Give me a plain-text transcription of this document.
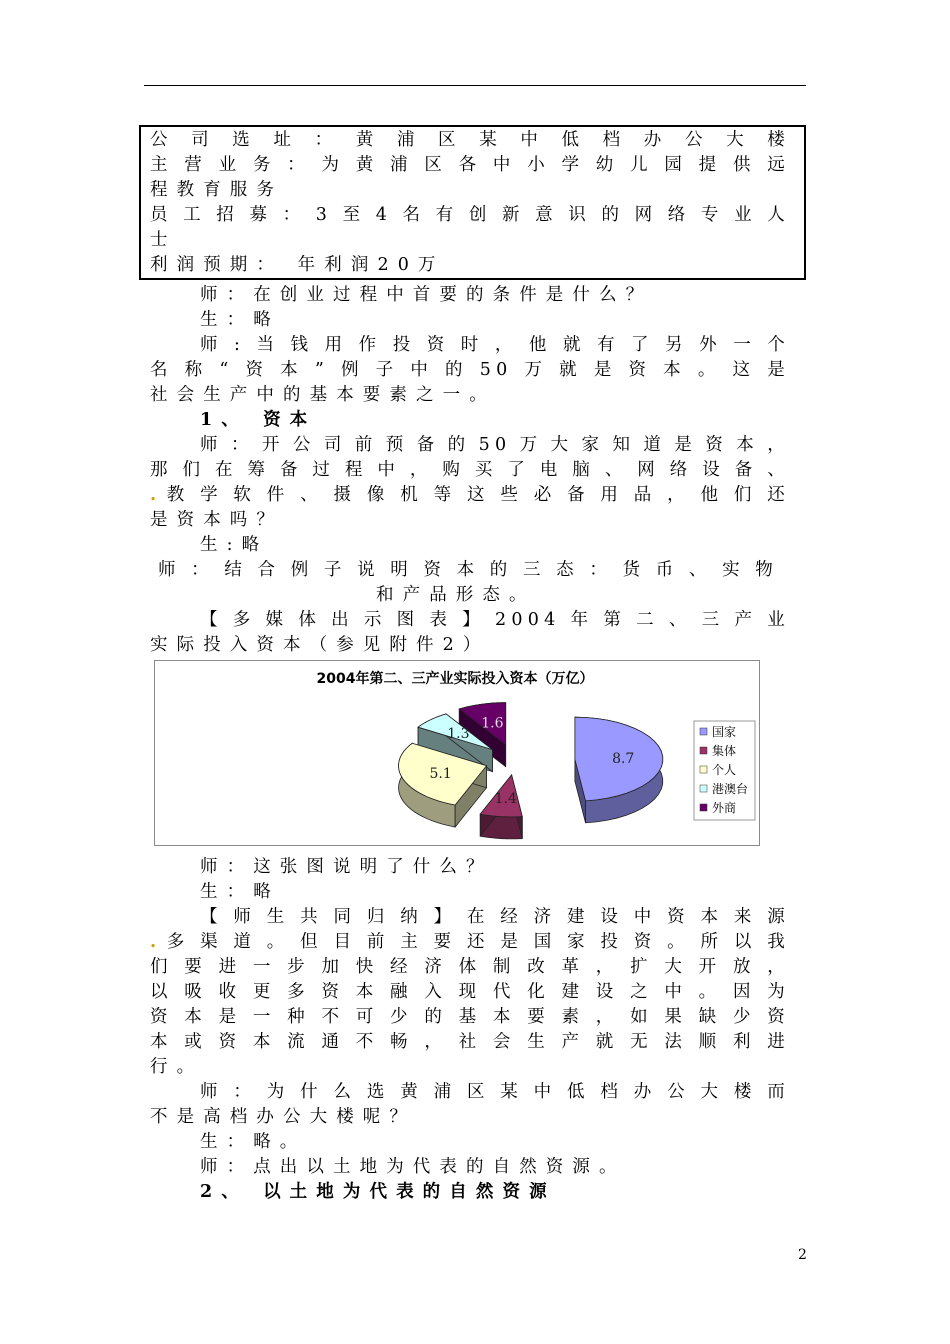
公司选址：黄浦区某中低档办公大楼
主营业务：为黄浦区各中小学幼儿园提供远
程教育服务
员工招募：3至4名有创新意识的网络专业人
士
利润预期： 年利润20万
师：在创业过程中首要的条件是什么？
生：略
师:当钱用作投资时，他就有了另外一个
名称“资本”例子中的50万就是资本。这是
社会生产中的基本要素之一。
1、 资本
师：开公司前预备的50万大家知道是资本，
那们在筹备过程中，购买了电脑、网络设备、
.教学软件、摄像机等这些必备用品，他们还
是资本吗？
生:略
师：结合例子说明资本的三态：货币、实物
和产品形态。
【多媒体出示图表】2004年第二、三产业
实际投入资本（参见附件2）
2004年第二、三产业实际投入资本（万亿）
1.6
1.3
8.7
5.1
1.4
国家
集体
个人
港澳台
外商
师：这张图说明了什么？
生：略
【师生共同归纳】在经济建设中资本来源
.多渠道。但目前主要还是国家投资。所以我
们要进一步加快经济体制改革，扩大开放，
以吸收更多资本融入现代化建设之中。因为
资本是一种不可少的基本要素，如果缺少资
本或资本流通不畅，社会生产就无法顺利进
行。
师：为什么选黄浦区某中低档办公大楼而
不是高档办公大楼呢？
生：略。
师：点出以土地为代表的自然资源。
2、 以土地为代表的自然资源
2
